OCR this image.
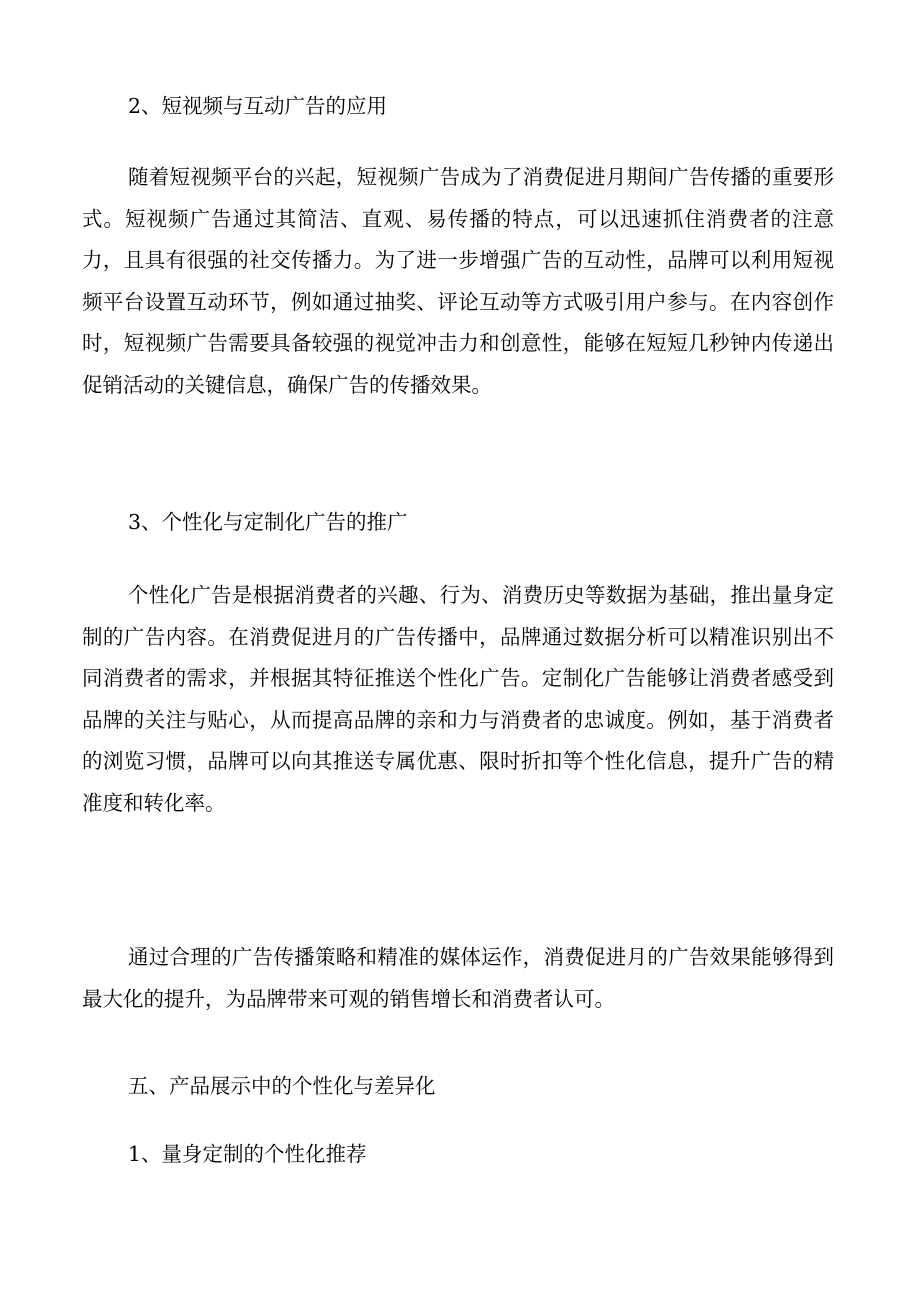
2、短视频与互动广告的应用
随着短视频平台的兴起，短视频广告成为了消费促进月期间广告传播的重要形式。短视频广告通过其简洁、直观、易传播的特点，可以迅速抓住消费者的注意力，且具有很强的社交传播力。为了进一步增强广告的互动性，品牌可以利用短视频平台设置互动环节，例如通过抽奖、评论互动等方式吸引用户参与。在内容创作时，短视频广告需要具备较强的视觉冲击力和创意性，能够在短短几秒钟内传递出促销活动的关键信息，确保广告的传播效果。
3、个性化与定制化广告的推广
个性化广告是根据消费者的兴趣、行为、消费历史等数据为基础，推出量身定制的广告内容。在消费促进月的广告传播中，品牌通过数据分析可以精准识别出不同消费者的需求，并根据其特征推送个性化广告。定制化广告能够让消费者感受到品牌的关注与贴心，从而提高品牌的亲和力与消费者的忠诚度。例如，基于消费者的浏览习惯，品牌可以向其推送专属优惠、限时折扣等个性化信息，提升广告的精准度和转化率。
通过合理的广告传播策略和精准的媒体运作，消费促进月的广告效果能够得到最大化的提升，为品牌带来可观的销售增长和消费者认可。
五、产品展示中的个性化与差异化
1、量身定制的个性化推荐
